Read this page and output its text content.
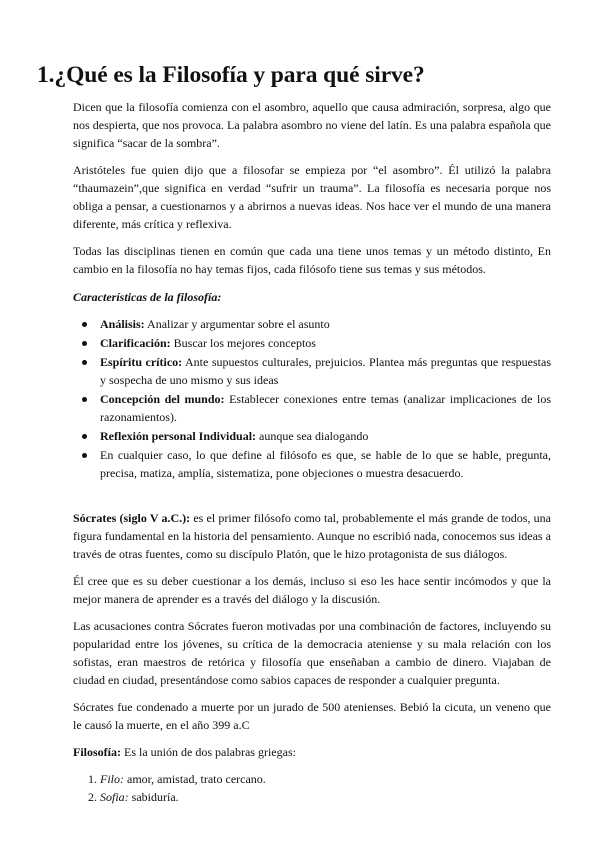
1.¿Qué es la Filosofía y para qué sirve?

Dicen que la filosofía comienza con el asombro, aquello que causa admiración, sorpresa, algo que nos despierta, que nos provoca. La palabra asombro no viene del latín. Es una palabra española que significa “sacar de la sombra”.

Aristóteles fue quien dijo que a filosofar se empieza por “el asombro”. Él utilizó la palabra “thaumazein”,que significa en verdad “sufrir un trauma”. La filosofía es necesaria porque nos obliga a pensar, a cuestionarnos y a abrirnos a nuevas ideas. Nos hace ver el mundo de una manera diferente, más crítica y reflexiva.

Todas las disciplinas tienen en común que cada una tiene unos temas y un método distinto, En cambio en la filosofía no hay temas fijos, cada filósofo tiene sus temas y sus métodos.

Características de la filosofía:

Análisis: Analizar y argumentar sobre el asunto
Clarificación: Buscar los mejores conceptos
Espíritu crítico: Ante supuestos culturales, prejuicios. Plantea más preguntas que respuestas y sospecha de uno mismo y sus ideas
Concepción del mundo: Establecer conexiones entre temas (analizar implicaciones de los razonamientos).
Reflexión personal Individual: aunque sea dialogando
En cualquier caso, lo que define al filósofo es que, se hable de lo que se hable, pregunta, precisa, matiza, amplía, sistematiza, pone objeciones o muestra desacuerdo.

Sócrates (siglo V a.C.): es el primer filósofo como tal, probablemente el más grande de todos, una figura fundamental en la historia del pensamiento. Aunque no escribió nada, conocemos sus ideas a través de otras fuentes, como su discípulo Platón, que le hizo protagonista de sus diálogos.

Él cree que es su deber cuestionar a los demás, incluso si eso les hace sentir incómodos y que la mejor manera de aprender es a través del diálogo y la discusión.

Las acusaciones contra Sócrates fueron motivadas por una combinación de factores, incluyendo su popularidad entre los jóvenes, su crítica de la democracia ateniense y su mala relación con los sofistas, eran maestros de retórica y filosofía que enseñaban a cambio de dinero. Viajaban de ciudad en ciudad, presentándose como sabios capaces de responder a cualquier pregunta.

Sócrates fue condenado a muerte por un jurado de 500 atenienses. Bebió la cicuta, un veneno que le causó la muerte, en el año 399 a.C

Filosofía: Es la unión de dos palabras griegas:

1. Filo: amor, amistad, trato cercano.
2. Sofia: sabiduría.
